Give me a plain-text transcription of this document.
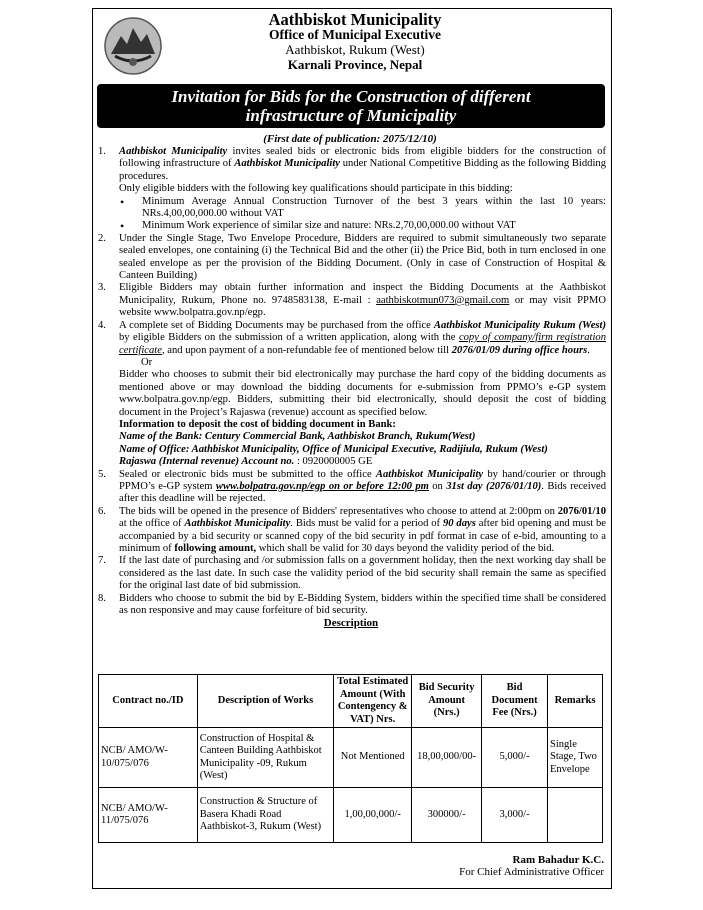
Aathbiskot Municipality
Office of Municipal Executive
Aathbiskot, Rukum (West)
Karnali Province, Nepal
Invitation for Bids for the Construction of different
infrastructure of Municipality
(First date of publication: 2075/12/10)
1. Aathbiskot Municipality invites sealed bids or electronic bids from eligible bidders for the construction of following infrastructure of Aathbiskot Municipality under National Competitive Bidding as the following Bidding procedures.
Only eligible bidders with the following key qualifications should participate in this bidding:
• Minimum Average Annual Construction Turnover of the best 3 years within the last 10 years: NRs.4,00,00,000.00 without VAT
• Minimum Work experience of similar size and nature: NRs.2,70,00,000.00 without VAT
2. Under the Single Stage, Two Envelope Procedure, Bidders are required to submit simultaneously two separate sealed envelopes, one containing (i) the Technical Bid and the other (ii) the Price Bid, both in turn enclosed in one sealed envelope as per the provision of the Bidding Document. (Only in case of Construction of Hospital & Canteen Building)
3. Eligible Bidders may obtain further information and inspect the Bidding Documents at the Aathbiskot Municipality, Rukum, Phone no. 9748583138, E-mail : aathbiskotmun073@gmail.com or may visit PPMO website www.bolpatra.gov.np/egp.
4. A complete set of Bidding Documents may be purchased from the office Aathbiskot Municipality Rukum (West) by eligible Bidders on the submission of a written application, along with the copy of company/firm registration certificate, and upon payment of a non-refundable fee of mentioned below till 2076/01/09 during office hours.
Or
Bidder who chooses to submit their bid electronically may purchase the hard copy of the bidding documents as mentioned above or may download the bidding documents for e-submission from PPMO’s e-GP system www.bolpatra.gov.np/egp. Bidders, submitting their bid electronically, should deposit the cost of bidding document in the Project’s Rajaswa (revenue) account as specified below.
Information to deposit the cost of bidding document in Bank:
Name of the Bank: Century Commercial Bank, Aathbiskot Branch, Rukum(West)
Name of Office: Aathbiskot Municipality, Office of Municipal Executive, Radijiula, Rukum (West)
Rajaswa (Internal revenue) Account no. : 0920000005 GE
5. Sealed or electronic bids must be submitted to the office Aathbiskot Municipality by hand/courier or through PPMO’s e-GP system www.bolpatra.gov.np/egp on or before 12:00 pm on 31st day (2076/01/10). Bids received after this deadline will be rejected.
6. The bids will be opened in the presence of Bidders' representatives who choose to attend at 2:00pm on 2076/01/10 at the office of Aathbiskot Municipality. Bids must be valid for a period of 90 days after bid opening and must be accompanied by a bid security or scanned copy of the bid security in pdf format in case of e-bid, amounting to a minimum of following amount, which shall be valid for 30 days beyond the validity period of the bid.
7. If the last date of purchasing and /or submission falls on a government holiday, then the next working day shall be considered as the last date. In such case the validity period of the bid security shall remain the same as specified for the original last date of bid submission.
8. Bidders who choose to submit the bid by E-Bidding System, bidders within the specified time shall be considered as non responsive and may cause forfeiture of bid security.
Description
Contract no./ID	Description of Works	Total Estimated Amount (With Contengency & VAT) Nrs.	Bid Security Amount (Nrs.)	Bid Document Fee (Nrs.)	Remarks
NCB/ AMO/W-10/075/076	Construction of Hospital & Canteen Building Aathbiskot Municipality -09, Rukum (West)	Not Mentioned	18,00,000/00-	5,000/-	Single Stage, Two Envelope
NCB/ AMO/W-11/075/076	Construction & Structure of Basera Khadi Road Aathbiskot-3, Rukum (West)	1,00,00,000/-	300000/-	3,000/-	
Ram Bahadur K.C.
For Chief Administrative Officer
